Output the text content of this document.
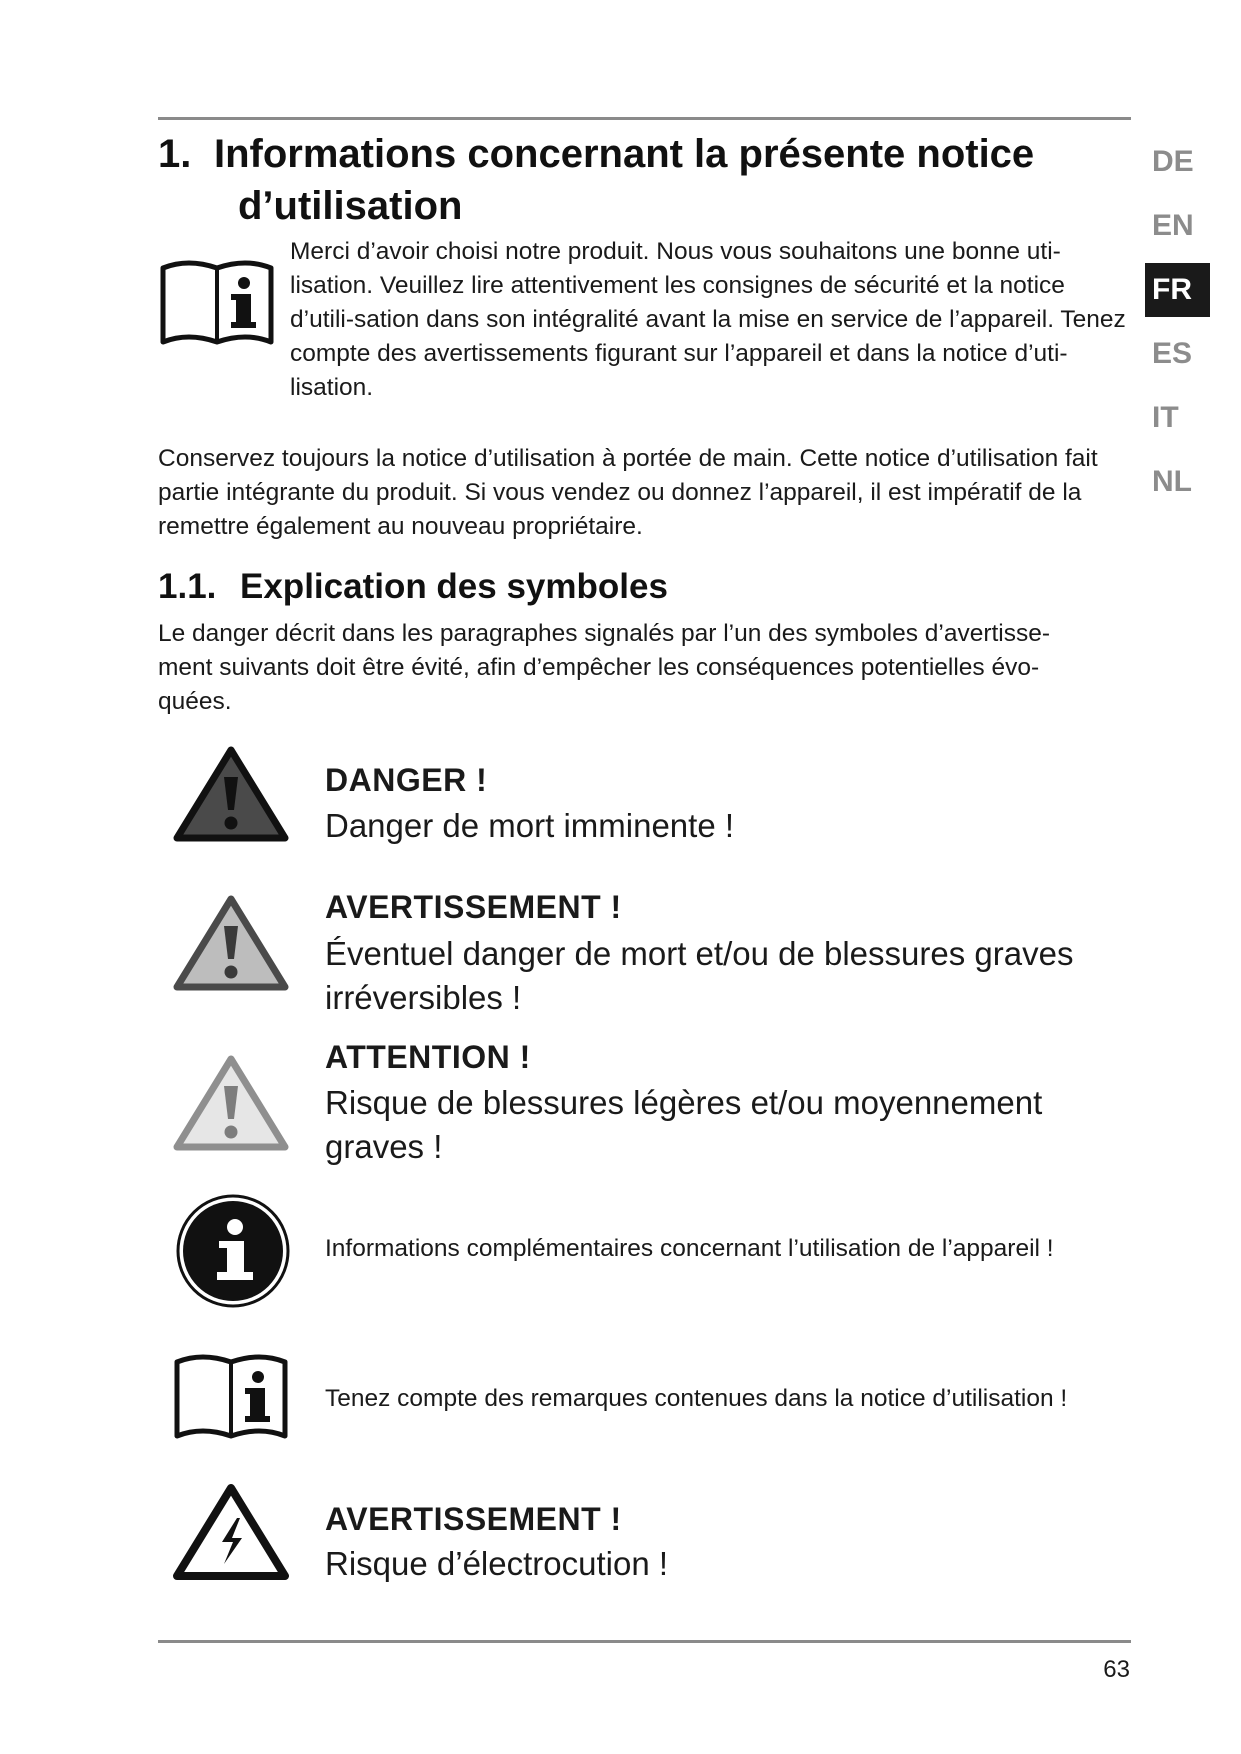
1. Informations concernant la présente notice
d’utilisation

Merci d’avoir choisi notre produit. Nous vous souhaitons une bonne uti-lisation. Veuillez lire attentivement les consignes de sécurité et la notice d’utili-sation dans son intégralité avant la mise en service de l’appareil. Tenez compte des avertissements figurant sur l’appareil et dans la notice d’uti-lisation.

Conservez toujours la notice d’utilisation à portée de main. Cette notice d’utilisation fait partie intégrante du produit. Si vous vendez ou donnez l’appareil, il est impératif de la remettre également au nouveau propriétaire.

1.1. Explication des symboles

Le danger décrit dans les paragraphes signalés par l’un des symboles d’avertisse-ment suivants doit être évité, afin d’empêcher les conséquences potentielles évo-quées.

DANGER !

Danger de mort imminente !

AVERTISSEMENT !

Éventuel danger de mort et/ou de blessures graves irréversibles !

ATTENTION !

Risque de blessures légères et/ou moyennement graves !

Informations complémentaires concernant l’utilisation de l’appareil !

Tenez compte des remarques contenues dans la notice d’utilisation !

AVERTISSEMENT !

Risque d’électrocution !

DE
EN
FR
ES
IT
NL
63
